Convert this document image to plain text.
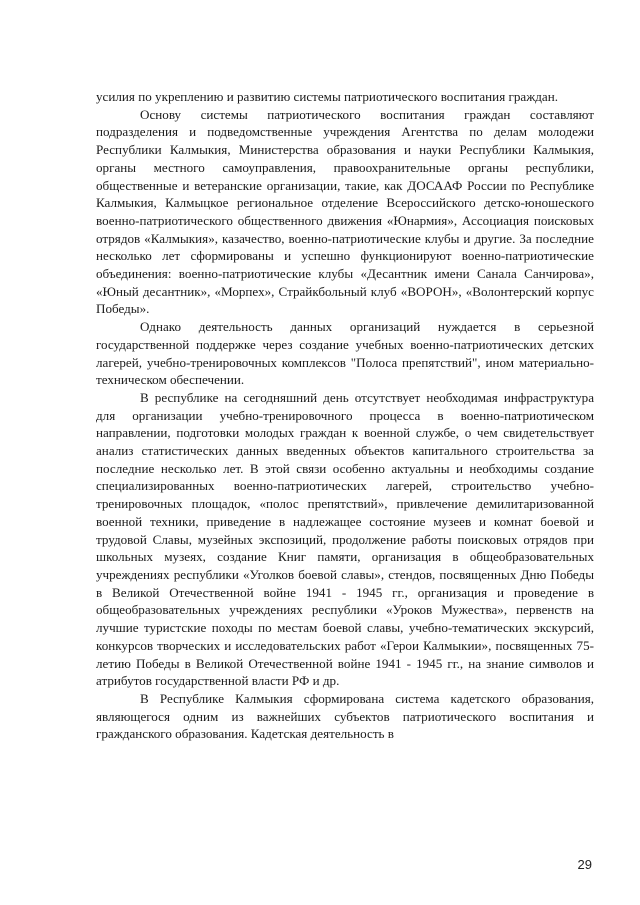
усилия по укреплению и развитию системы патриотического воспитания граждан.

Основу системы патриотического воспитания граждан составляют подразделения и подведомственные учреждения Агентства по делам молодежи Республики Калмыкия, Министерства образования и науки Республики Калмыкия, органы местного самоуправления, правоохранительные органы республики, общественные и ветеранские организации, такие, как ДОСААФ России по Республике Калмыкия, Калмыцкое региональное отделение Всероссийского детско-юношеского военно-патриотического общественного движения «Юнармия», Ассоциация поисковых отрядов «Калмыкия», казачество, военно-патриотические клубы и другие. За последние несколько лет сформированы и успешно функционируют военно-патриотические объединения: военно-патриотические клубы «Десантник имени Санала Санчирова», «Юный десантник», «Морпех», Страйкбольный клуб «ВОРОН», «Волонтерский корпус Победы».

Однако деятельность данных организаций нуждается в серьезной государственной поддержке через создание учебных военно-патриотических детских лагерей, учебно-тренировочных комплексов "Полоса препятствий", ином материально-техническом обеспечении.

В республике на сегодняшний день отсутствует необходимая инфраструктура для организации учебно-тренировочного процесса в военно-патриотическом направлении, подготовки молодых граждан к военной службе, о чем свидетельствует анализ статистических данных введенных объектов капитального строительства за последние несколько лет. В этой связи особенно актуальны и необходимы создание специализированных военно-патриотических лагерей, строительство учебно-тренировочных площадок, «полос препятствий», привлечение демилитаризованной военной техники, приведение в надлежащее состояние музеев и комнат боевой и трудовой Славы, музейных экспозиций, продолжение работы поисковых отрядов при школьных музеях, создание Книг памяти, организация в общеобразовательных учреждениях республики «Уголков боевой славы», стендов, посвященных Дню Победы в Великой Отечественной войне 1941 - 1945 гг., организация и проведение в общеобразовательных учреждениях республики «Уроков Мужества», первенств на лучшие туристские походы по местам боевой славы, учебно-тематических экскурсий, конкурсов творческих и исследовательских работ «Герои Калмыкии», посвященных 75-летию Победы в Великой Отечественной войне 1941 - 1945 гг., на знание символов и атрибутов государственной власти РФ и др.

В Республике Калмыкия сформирована система кадетского образования, являющегося одним из важнейших субъектов патриотического воспитания и гражданского образования. Кадетская деятельность в

29
